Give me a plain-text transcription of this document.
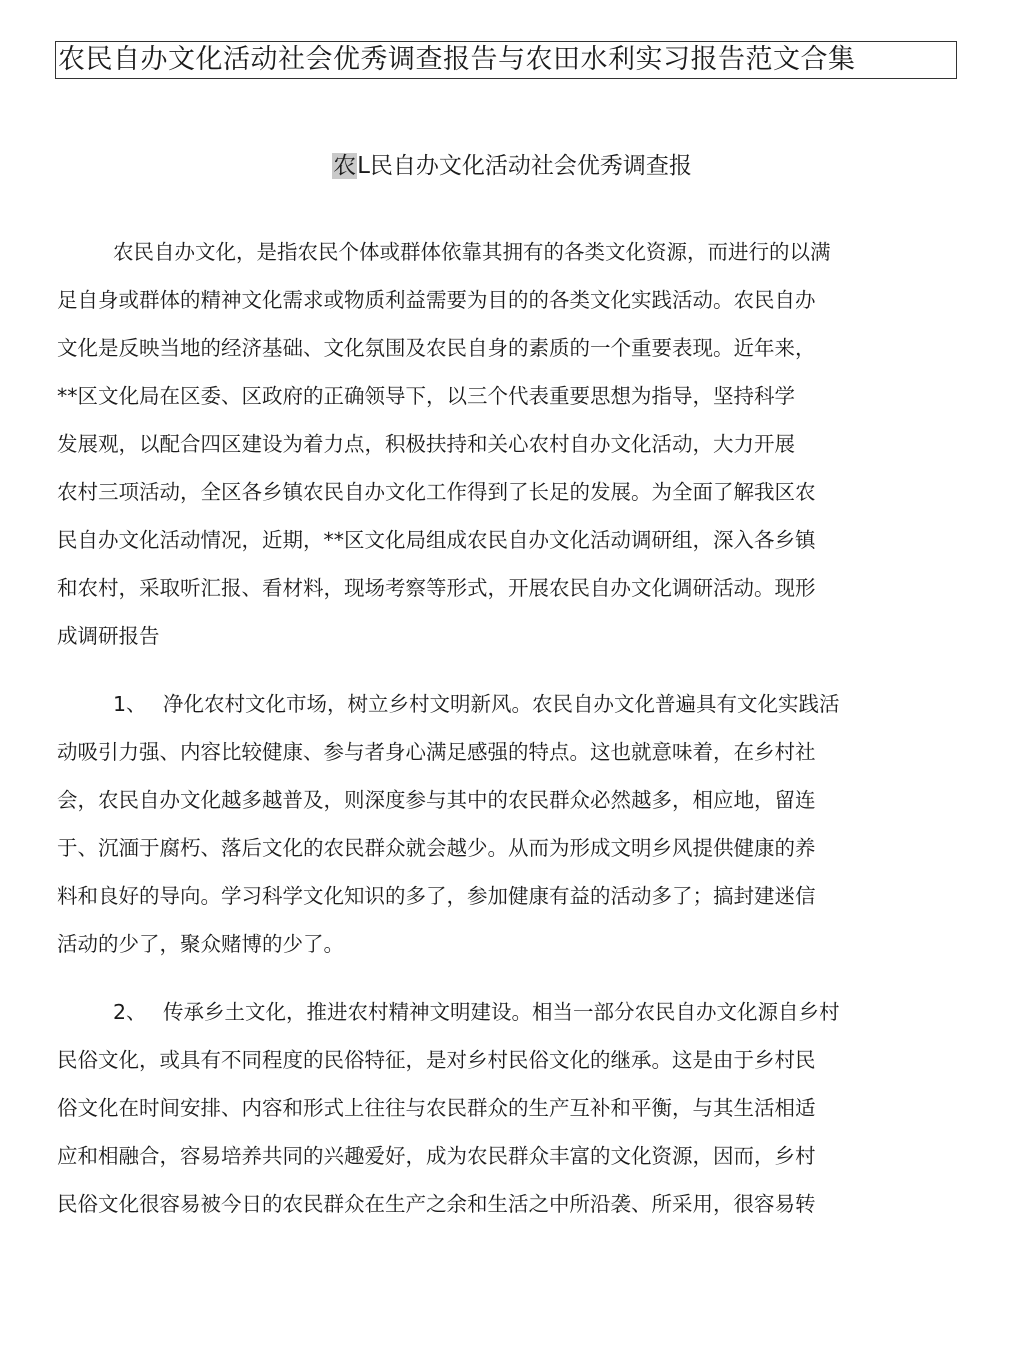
农民自办文化活动社会优秀调查报告与农田水利实习报告范文合集
农L民自办文化活动社会优秀调查报
农民自办文化，是指农民个体或群体依靠其拥有的各类文化资源，而进行的以满
足自身或群体的精神文化需求或物质利益需要为目的的各类文化实践活动。农民自办
文化是反映当地的经济基础、文化氛围及农民自身的素质的一个重要表现。近年来，
**区文化局在区委、区政府的正确领导下，以三个代表重要思想为指导，坚持科学
发展观，以配合四区建设为着力点，积极扶持和关心农村自办文化活动，大力开展
农村三项活动，全区各乡镇农民自办文化工作得到了长足的发展。为全面了解我区农
民自办文化活动情况，近期，**区文化局组成农民自办文化活动调研组，深入各乡镇
和农村，采取听汇报、看材料，现场考察等形式，开展农民自办文化调研活动。现形
成调研报告
1、 净化农村文化市场，树立乡村文明新风。农民自办文化普遍具有文化实践活
动吸引力强、内容比较健康、参与者身心满足感强的特点。这也就意味着，在乡村社
会，农民自办文化越多越普及，则深度参与其中的农民群众必然越多，相应地，留连
于、沉湎于腐朽、落后文化的农民群众就会越少。从而为形成文明乡风提供健康的养
料和良好的导向。学习科学文化知识的多了，参加健康有益的活动多了；搞封建迷信
活动的少了，聚众赌博的少了。
2、 传承乡土文化，推进农村精神文明建设。相当一部分农民自办文化源自乡村
民俗文化，或具有不同程度的民俗特征，是对乡村民俗文化的继承。这是由于乡村民
俗文化在时间安排、内容和形式上往往与农民群众的生产互补和平衡，与其生活相适
应和相融合，容易培养共同的兴趣爱好，成为农民群众丰富的文化资源，因而，乡村
民俗文化很容易被今日的农民群众在生产之余和生活之中所沿袭、所采用，很容易转
